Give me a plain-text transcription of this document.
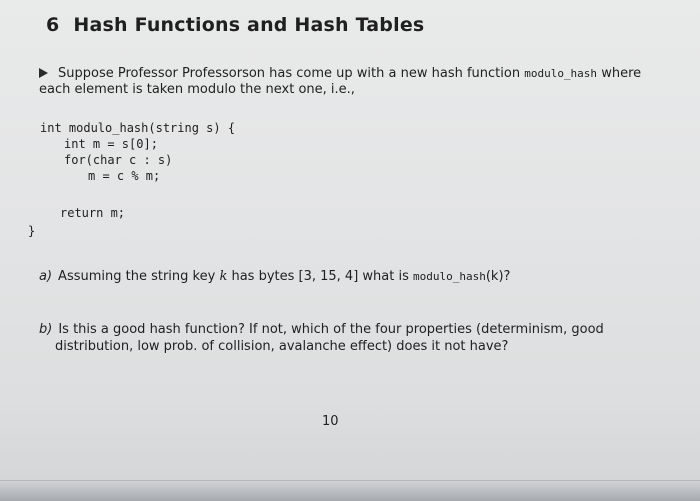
6 Hash Functions and Hash Tables
Suppose Professor Professorson has come up with a new hash function modulo_hash where
each element is taken modulo the next one, i.e.,
int modulo_hash(string s) {
int m = s[0];
for(char c : s)
m = c % m;
return m;
}
a) Assuming the string key k has bytes [3, 15, 4] what is modulo_hash(k)?
b) Is this a good hash function? If not, which of the four properties (determinism, good
distribution, low prob. of collision, avalanche effect) does it not have?
10
